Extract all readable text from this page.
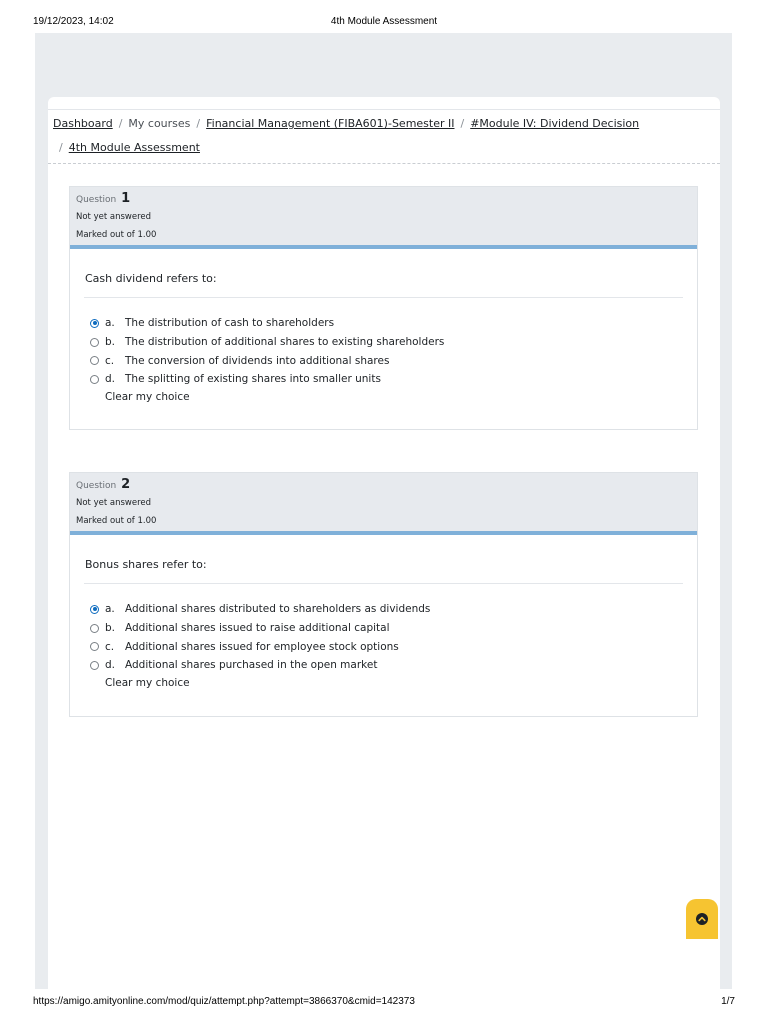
19/12/2023, 14:02	4th Module Assessment
Dashboard / My courses / Financial Management (FIBA601)-Semester II / #Module IV: Dividend Decision
/ 4th Module Assessment
Question 1
Not yet answered
Marked out of 1.00
Cash dividend refers to:
a. The distribution of cash to shareholders
b. The distribution of additional shares to existing shareholders
c.	The conversion of dividends into additional shares
d. The splitting of existing shares into smaller units
Clear my choice
Question 2
Not yet answered
Marked out of 1.00
Bonus shares refer to:
a. Additional shares distributed to shareholders as dividends
b. Additional shares issued to raise additional capital
c.	Additional shares issued for employee stock options
d. Additional shares purchased in the open market
Clear my choice
https://amigo.amityonline.com/mod/quiz/attempt.php?attempt=3866370&cmid=142373	1/7
